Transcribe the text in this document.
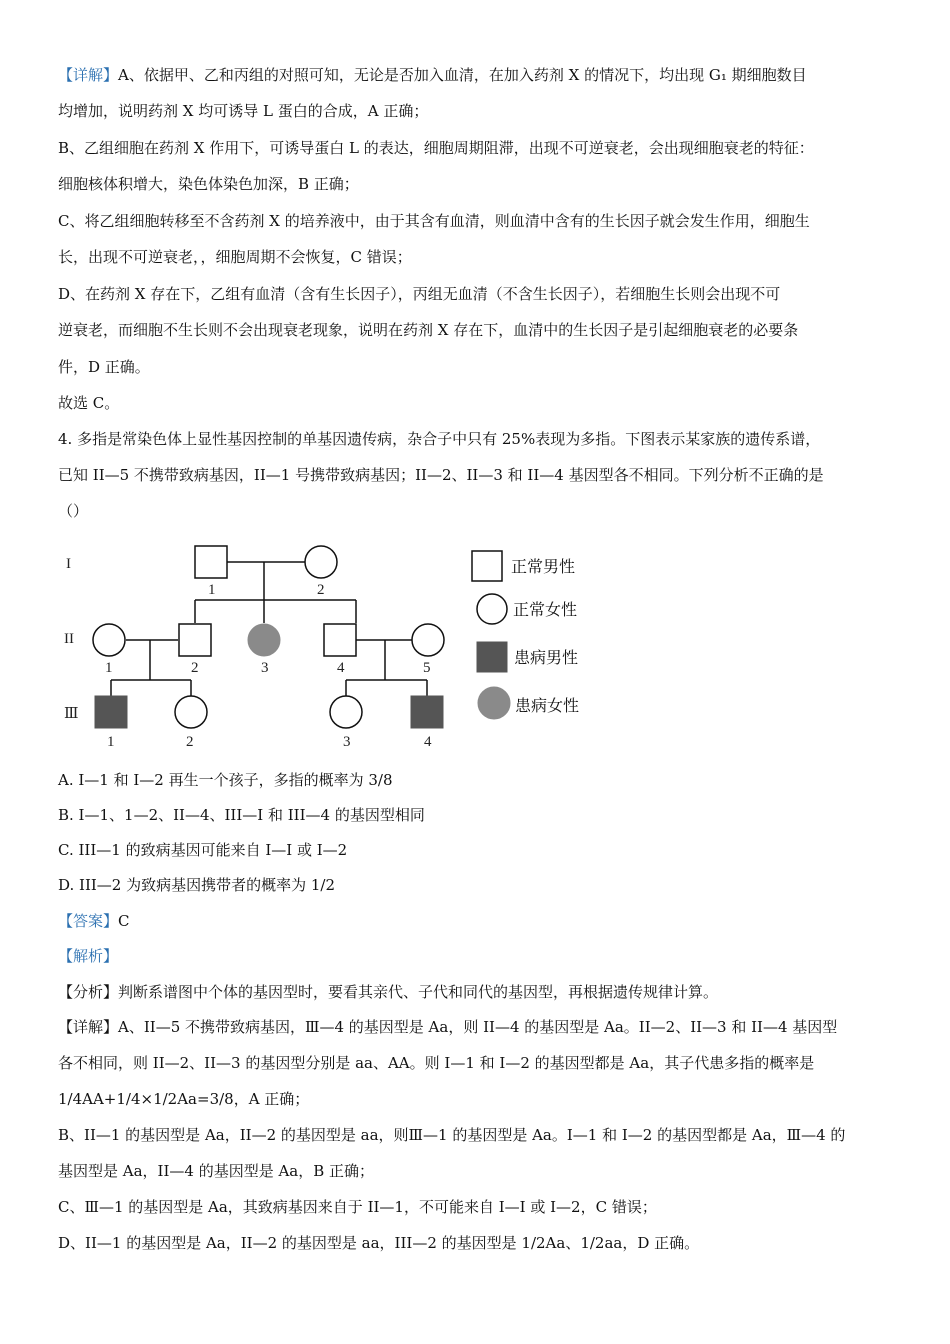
【详解】A、依据甲、乙和丙组的对照可知，无论是否加入血清，在加入药剂 X 的情况下，均出现 G₁ 期细胞数目
均增加，说明药剂 X 均可诱导 L 蛋白的合成，A 正确；
B、乙组细胞在药剂 X 作用下，可诱导蛋白 L 的表达，细胞周期阻滞，出现不可逆衰老，会出现细胞衰老的特征：
细胞核体积增大，染色体染色加深，B 正确；
C、将乙组细胞转移至不含药剂 X 的培养液中，由于其含有血清，则血清中含有的生长因子就会发生作用，细胞生
长，出现不可逆衰老，，细胞周期不会恢复，C 错误；
D、在药剂 X 存在下，乙组有血清（含有生长因子），丙组无血清（不含生长因子），若细胞生长则会出现不可
逆衰老，而细胞不生长则不会出现衰老现象，说明在药剂 X 存在下，血清中的生长因子是引起细胞衰老的必要条
件，D 正确。
故选 C。
4. 多指是常染色体上显性基因控制的单基因遗传病，杂合子中只有 25%表现为多指。下图表示某家族的遗传系谱，
已知 II—5 不携带致病基因，II—1 号携带致病基因；II—2、II—3 和 II—4 基因型各不相同。下列分析不正确的是
（）
I
II
Ⅲ
1	2
1	2	3	4	5
1	2	3	4
正常男性
正常女性
患病男性
患病女性
A. I—1 和 I—2 再生一个孩子，多指的概率为 3/8
B. I—1、1—2、II—4、III—I 和 III—4 的基因型相同
C. III—1 的致病基因可能来自 I—I 或 I—2
D. III—2 为致病基因携带者的概率为 1/2
【答案】C
【解析】
【分析】判断系谱图中个体的基因型时，要看其亲代、子代和同代的基因型，再根据遗传规律计算。
【详解】A、II—5 不携带致病基因，Ⅲ—4 的基因型是 Aa，则 II—4 的基因型是 Aa。II—2、II—3 和 II—4 基因型
各不相同，则 II—2、II—3 的基因型分别是 aa、AA。则 I—1 和 I—2 的基因型都是 Aa，其子代患多指的概率是
1/4AA+1/4×1/2Aa=3/8，A 正确；
B、II—1 的基因型是 Aa，II—2 的基因型是 aa，则Ⅲ—1 的基因型是 Aa。I—1 和 I—2 的基因型都是 Aa，Ⅲ—4 的
基因型是 Aa，II—4 的基因型是 Aa，B 正确；
C、Ⅲ—1 的基因型是 Aa，其致病基因来自于 II—1，不可能来自 I—I 或 I—2，C 错误；
D、II—1 的基因型是 Aa，II—2 的基因型是 aa，III—2 的基因型是 1/2Aa、1/2aa，D 正确。
